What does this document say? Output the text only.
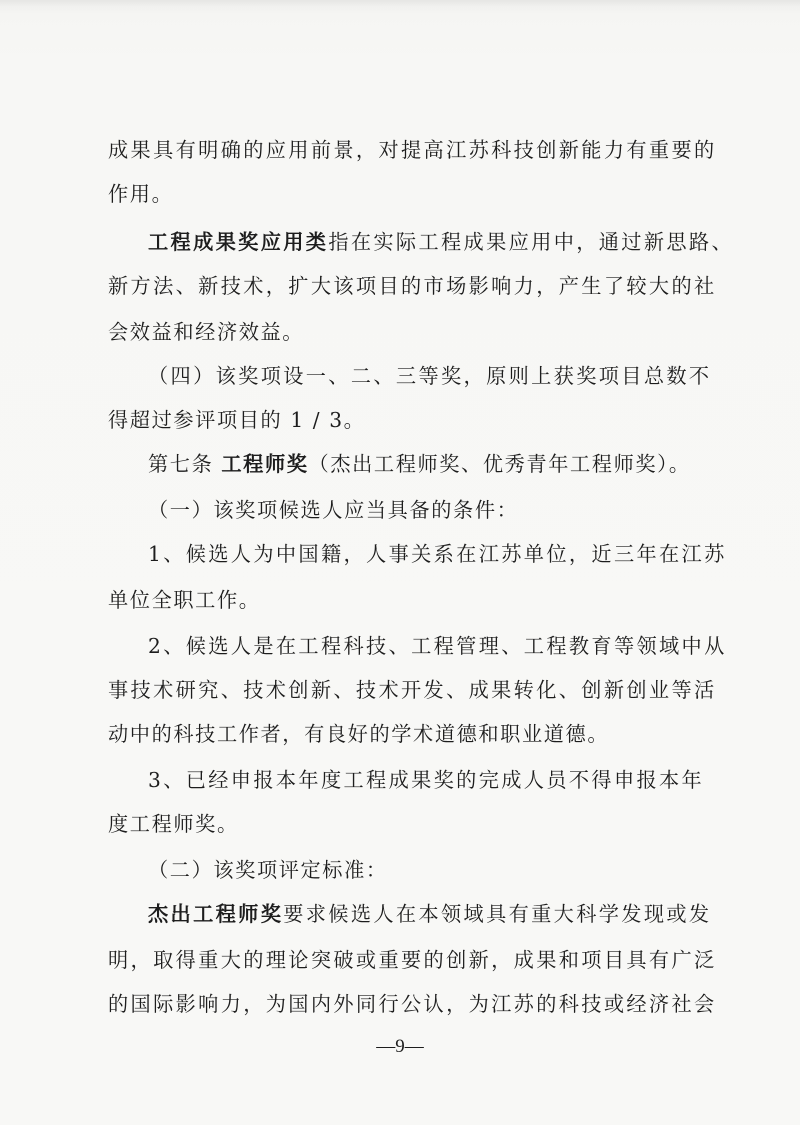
成果具有明确的应用前景，对提高江苏科技创新能力有重要的
作用。
工程成果奖应用类指在实际工程成果应用中，通过新思路、
新方法、新技术，扩大该项目的市场影响力，产生了较大的社
会效益和经济效益。
（四）该奖项设一、二、三等奖，原则上获奖项目总数不
得超过参评项目的 1 / 3。
第七条 工程师奖（杰出工程师奖、优秀青年工程师奖）。
（一）该奖项候选人应当具备的条件：
1、候选人为中国籍，人事关系在江苏单位，近三年在江苏
单位全职工作。
2、候选人是在工程科技、工程管理、工程教育等领域中从
事技术研究、技术创新、技术开发、成果转化、创新创业等活
动中的科技工作者，有良好的学术道德和职业道德。
3、已经申报本年度工程成果奖的完成人员不得申报本年
度工程师奖。
（二）该奖项评定标准：
杰出工程师奖要求候选人在本领域具有重大科学发现或发
明，取得重大的理论突破或重要的创新，成果和项目具有广泛
的国际影响力，为国内外同行公认，为江苏的科技或经济社会
—9—
